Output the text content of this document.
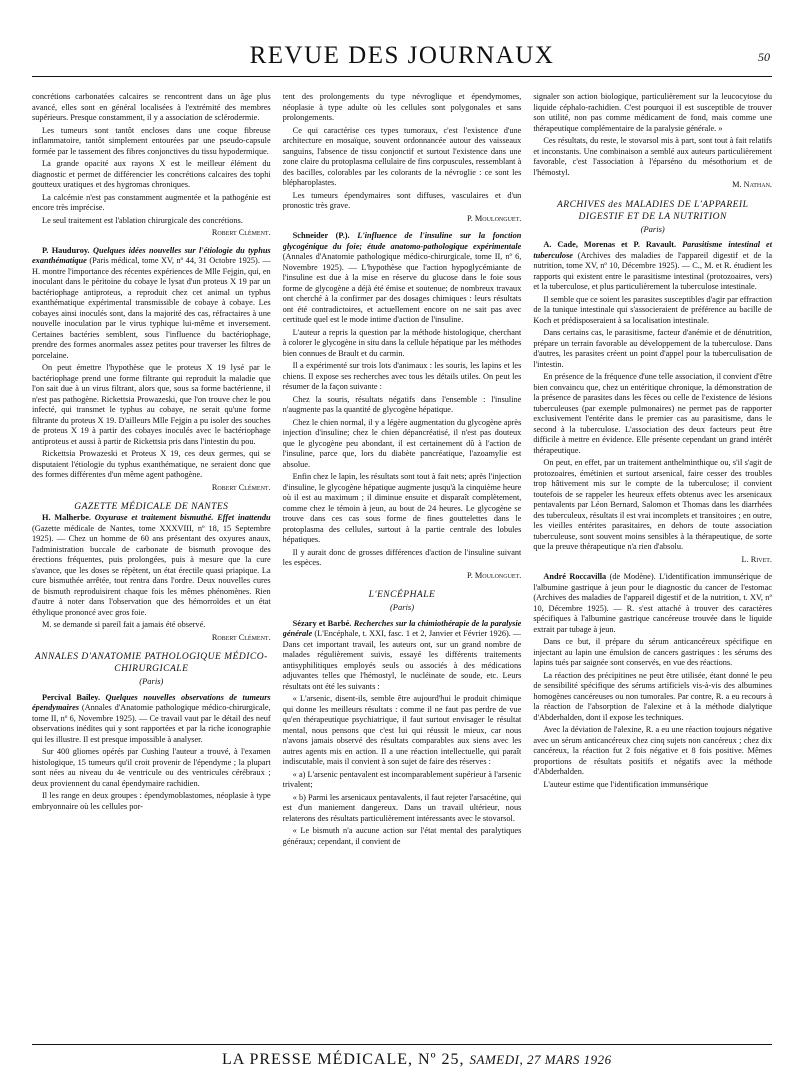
REVUE DES JOURNAUX	50

concrétions carbonatées calcaires se rencontrent dans un âge plus avancé, elles sont en général localisées à l'extrémité des membres supérieurs. Presque constamment, il y a association de sclérodermie.

Les tumeurs sont tantôt encloses dans une coque fibreuse inflammatoire, tantôt simplement entourées par une pseudo-capsule formée par le tassement des fibres conjonctives du tissu hypodermique.

La grande opacité aux rayons X est le meilleur élément du diagnostic et permet de différencier les concrétions calcaires des tophi goutteux uratiques et des hygromas chroniques.

La calcémie n'est pas constamment augmentée et la pathogénie est encore très imprécise.

Le seul traitement est l'ablation chirurgicale des concrétions.

Robert Clément.

P. Hauduroy. Quelques idées nouvelles sur l'étiologie du typhus exanthématique (Paris médical, tome XV, nº 44, 31 Octobre 1925). — H. montre l'importance des récentes expériences de Mlle Fejgin, qui, en inoculant dans le péritoine du cobaye le lysat d'un proteus X 19 par un bactériophage antiproteus, a reproduit chez cet animal un typhus exanthématique expérimental transmissible de cobaye à cobaye. Les cobayes ainsi inoculés sont, dans la majorité des cas, réfractaires à une nouvelle inoculation par le virus typhique lui-même et inversement. Certaines bactéries semblent, sous l'influence du bactériophage, prendre des formes anormales assez petites pour traverser les filtres de porcelaine.

On peut émettre l'hypothèse que le proteus X 19 lysé par le bactériophage prend une forme filtrante qui reproduit la maladie que l'on sait due à un virus filtrant, alors que, sous sa forme bactérienne, il n'est pas pathogène. Rickettsia Prowazeski, que l'on trouve chez le pou infecté, qui transmet le typhus au cobaye, ne serait qu'une forme filtrante du proteus X 19. D'ailleurs Mlle Fejgin a pu isoler des souches de proteus X 19 à partir des cobayes inoculés avec le bactériophage antiproteus et aussi à partir de Rickettsia pris dans l'intestin du pou.

Rickettsia Prowazeski et Proteus X 19, ces deux germes, qui se disputaient l'étiologie du typhus exanthématique, ne seraient donc que des formes différentes d'un même agent pathogène.

Robert Clément.
GAZETTE MÉDICALE DE NANTES

H. Malherbe. Oxyurase et traitement bismuthé. Effet inattendu (Gazette médicale de Nantes, tome XXXVIII, nº 18, 15 Septembre 1925). — Chez un homme de 60 ans présentant des oxyures anaux, l'administration buccale de carbonate de bismuth provoque des érections fréquentes, puis prolongées, puis à mesure que la cure s'avance, que les doses se répètent, un état érectile quasi priapique. La cure bismuthée arrêtée, tout rentra dans l'ordre. Deux nouvelles cures de bismuth reproduisirent chaque fois les mêmes phénomènes. Rien d'autre à noter dans l'observation que des hémorroïdes et un état éthylique prononcé avec gros foie.

M. se demande si pareil fait a jamais été observé.

Robert Clément.
ANNALES D'ANATOMIE PATHOLOGIQUE MÉDICO-CHIRURGICALE
(Paris)

Percival Bailey. Quelques nouvelles observations de tumeurs épendymaires (Annales d'Anatomie pathologique médico-chirurgicale, tome II, nº 6, Novembre 1925). — Ce travail vaut par le détail des neuf observations inédites qui y sont rapportées et par la riche iconographie qui les illustre. Il est presque impossible à analyser.

Sur 400 gliomes opérés par Cushing l'auteur a trouvé, à l'examen histologique, 15 tumeurs qu'il croit provenir de l'épendyme ; la plupart sont nées au niveau du 4e ventricule ou des ventricules cérébraux ; deux proviennent du canal épendymaire rachidien.

Il les range en deux groupes : épendymoblastomes, néoplasie à type embryonnaire où les cellules por-

tent des prolongements du type névroglique et épendymomes, néoplasie à type adulte où les cellules sont polygonales et sans prolongements.

Ce qui caractérise ces types tumoraux, c'est l'existence d'une architecture en mosaïque, souvent ordonnancée autour des vaisseaux sanguins, l'absence de tissu conjonctif et surtout l'existence dans une zone claire du protoplasma cellulaire de fins corpuscules, ressemblant à des bacilles, colorables par les colorants de la névroglie : ce sont les blépharoplastes.

Les tumeurs épendymaires sont diffuses, vasculaires et d'un pronostic très grave.

P. Moulonguet.

Schneider (P.). L'influence de l'insuline sur la fonction glycogénique du foie; étude anatomo-pathologique expérimentale (Annales d'Anatomie pathologique médico-chirurgicale, tome II, nº 6, Novembre 1925). — L'hypothèse que l'action hypoglycémiante de l'insuline est due à la mise en réserve du glucose dans le foie sous forme de glycogène a déjà été émise et soutenue; de nombreux travaux ont cherché à la confirmer par des dosages chimiques : leurs résultats ont été contradictoires, et actuellement encore on ne sait pas avec certitude quel est le mode intime d'action de l'insuline.

L'auteur a repris la question par la méthode histologique, cherchant à colorer le glycogène in situ dans la cellule hépatique par les méthodes bien connues de Brault et du carmin.

Il a expérimenté sur trois lots d'animaux : les souris, les lapins et les chiens. Il expose ses recherches avec tous les détails utiles. On peut les résumer de la façon suivante :

Chez la souris, résultats négatifs dans l'ensemble : l'insuline n'augmente pas la quantité de glycogène hépatique.

Chez le chien normal, il y a légère augmentation du glycogène après injection d'insuline; chez le chien dépancréatisé, il n'est pas douteux que le glycogène peu abondant, il est certainement dû à l'action de l'insuline, parce que, lors du diabète pancréatique, l'azoamylie est absolue.

Enfin chez le lapin, les résultats sont tout à fait nets; après l'injection d'insuline, le glycogène hépatique augmente jusqu'à la cinquième heure où il est au maximum ; il diminue ensuite et disparaît complètement, comme chez le témoin à jeun, au bout de 24 heures. Le glycogène se trouve dans ces cas sous forme de fines gouttelettes dans le protoplasma des cellules, surtout à la partie centrale des lobules hépatiques.

Il y aurait donc de grosses différences d'action de l'insuline suivant les espèces.

P. Moulonguet.
L'ENCÉPHALE
(Paris)

Sézary et Barbé. Recherches sur la chimiothérapie de la paralysie générale (L'Encéphale, t. XXI, fasc. 1 et 2, Janvier et Février 1926). — Dans cet important travail, les auteurs ont, sur un grand nombre de malades régulièrement suivis, essayé les différents traitements antisyphilitiques employés seuls ou associés à des médications adjuvantes telles que l'hémostyl, le nucléinate de soude, etc. Leurs résultats ont été les suivants :

« L'arsenic, disent-ils, semble être aujourd'hui le produit chimique qui donne les meilleurs résultats : comme il ne faut pas perdre de vue qu'en thérapeutique psychiatrique, il faut surtout envisager le résultat mental, nous pensons que c'est lui qui réussit le mieux, car nous n'avons jamais observé des résultats comparables aux siens avec les autres agents mis en action. Il a une réaction intellectuelle, qui paraît indiscutable, mais il convient à son sujet de faire des réserves :

« a) L'arsenic pentavalent est incomparablement supérieur à l'arsenic trivalent;

« b) Parmi les arsenicaux pentavalents, il faut rejeter l'arsacétine, qui est d'un maniement dangereux. Dans un travail ultérieur, nous relaterons des résultats particulièrement intéressants avec le stovarsol.

« Le bismuth n'a aucune action sur l'état mental des paralytiques généraux; cependant, il convient de

signaler son action biologique, particulièrement sur la leucocytose du liquide céphalo-rachidien. C'est pourquoi il est susceptible de trouver son utilité, non pas comme médicament de fond, mais comme une thérapeutique complémentaire de la paralysie générale. »

Ces résultats, du reste, le stovarsol mis à part, sont tout à fait relatifs et inconstants. Une combinaison a semblé aux auteurs particulièrement favorable, c'est l'association à l'éparséno du mésothorium et de l'hémostyl.

M. Nathan.
ARCHIVES des MALADIES DE L'APPAREIL DIGESTIF ET DE LA NUTRITION
(Paris)

A. Cade, Morenas et P. Ravault. Parasitisme intestinal et tuberculose (Archives des maladies de l'appareil digestif et de la nutrition, tome XV, nº 10, Décembre 1925). — C., M. et R. étudient les rapports qui existent entre le parasitisme intestinal (protozoaires, vers) et la tuberculose, et plus particulièrement la tuberculose intestinale.

Il semble que ce soient les parasites susceptibles d'agir par effraction de la tunique intestinale qui s'associeraient de préférence au bacille de Koch et prédisposeraient à sa localisation intestinale.

Dans certains cas, le parasitisme, facteur d'anémie et de dénutrition, prépare un terrain favorable au développement de la tuberculose. Dans d'autres, les parasites créent un point d'appel pour la tuberculisation de l'intestin.

En présence de la fréquence d'une telle association, il convient d'être bien convaincu que, chez un entéritique chronique, la démonstration de la présence de parasites dans les fèces ou celle de l'existence de lésions tuberculeuses (par exemple pulmonaires) ne permet pas de rapporter exclusivement l'entérite dans le premier cas au parasitisme, dans le second à la tuberculose. L'association des deux facteurs peut être difficile à mettre en évidence. Elle présente cependant un grand intérêt thérapeutique.

On peut, en effet, par un traitement anthelminthique ou, s'il s'agit de protozoaires, émétinien et surtout arsenical, faire cesser des troubles trop hâtivement mis sur le compte de la tuberculose; il convient toutefois de se rappeler les heureux effets obtenus avec les arsenicaux pentavalents par Léon Bernard, Salomon et Thomas dans les diarrhées des tuberculeux, résultats il est vrai incomplets et transitoires ; en outre, les vieilles entérites parasitaires, en dehors de toute association tuberculeuse, sont souvent moins sensibles à la thérapeutique, de sorte que la preuve thérapeutique n'a rien d'absolu.

L. Rivet.

André Roccavilla (de Modène). L'identification immunsérique de l'albumine gastrique à jeun pour le diagnostic du cancer de l'estomac (Archives des maladies de l'appareil digestif et de la nutrition, t. XV, nº 10, Décembre 1925). — R. s'est attaché à trouver des caractères spécifiques à l'albumine gastrique cancéreuse trouvée dans le liquide extrait par tubage à jeun.

Dans ce but, il prépare du sérum anticancéreux spécifique en injectant au lapin une émulsion de cancers gastriques : les sérums des lapins tués par saignée sont conservés, en vue des réactions.

La réaction des précipitines ne peut être utilisée, étant donné le peu de sensibilité spécifique des sérums artificiels vis-à-vis des albumines homogènes cancéreuses ou non tumorales. Par contre, R. a eu recours à la réaction de l'absorption de l'alexine et à la méthode dialytique d'Abderhalden, dont il expose les techniques.

Avec la déviation de l'alexine, R. a eu une réaction toujours négative avec un sérum anticancéreux chez cinq sujets non cancéreux ; chez dix cancéreux, la réaction fut 2 fois négative et 8 fois positive. Mêmes proportions de résultats positifs et négatifs avec la méthode d'Abderhalden.

L'auteur estime que l'identification immunsérique

LA PRESSE MÉDICALE, Nº 25, SAMEDI, 27 MARS 1926
